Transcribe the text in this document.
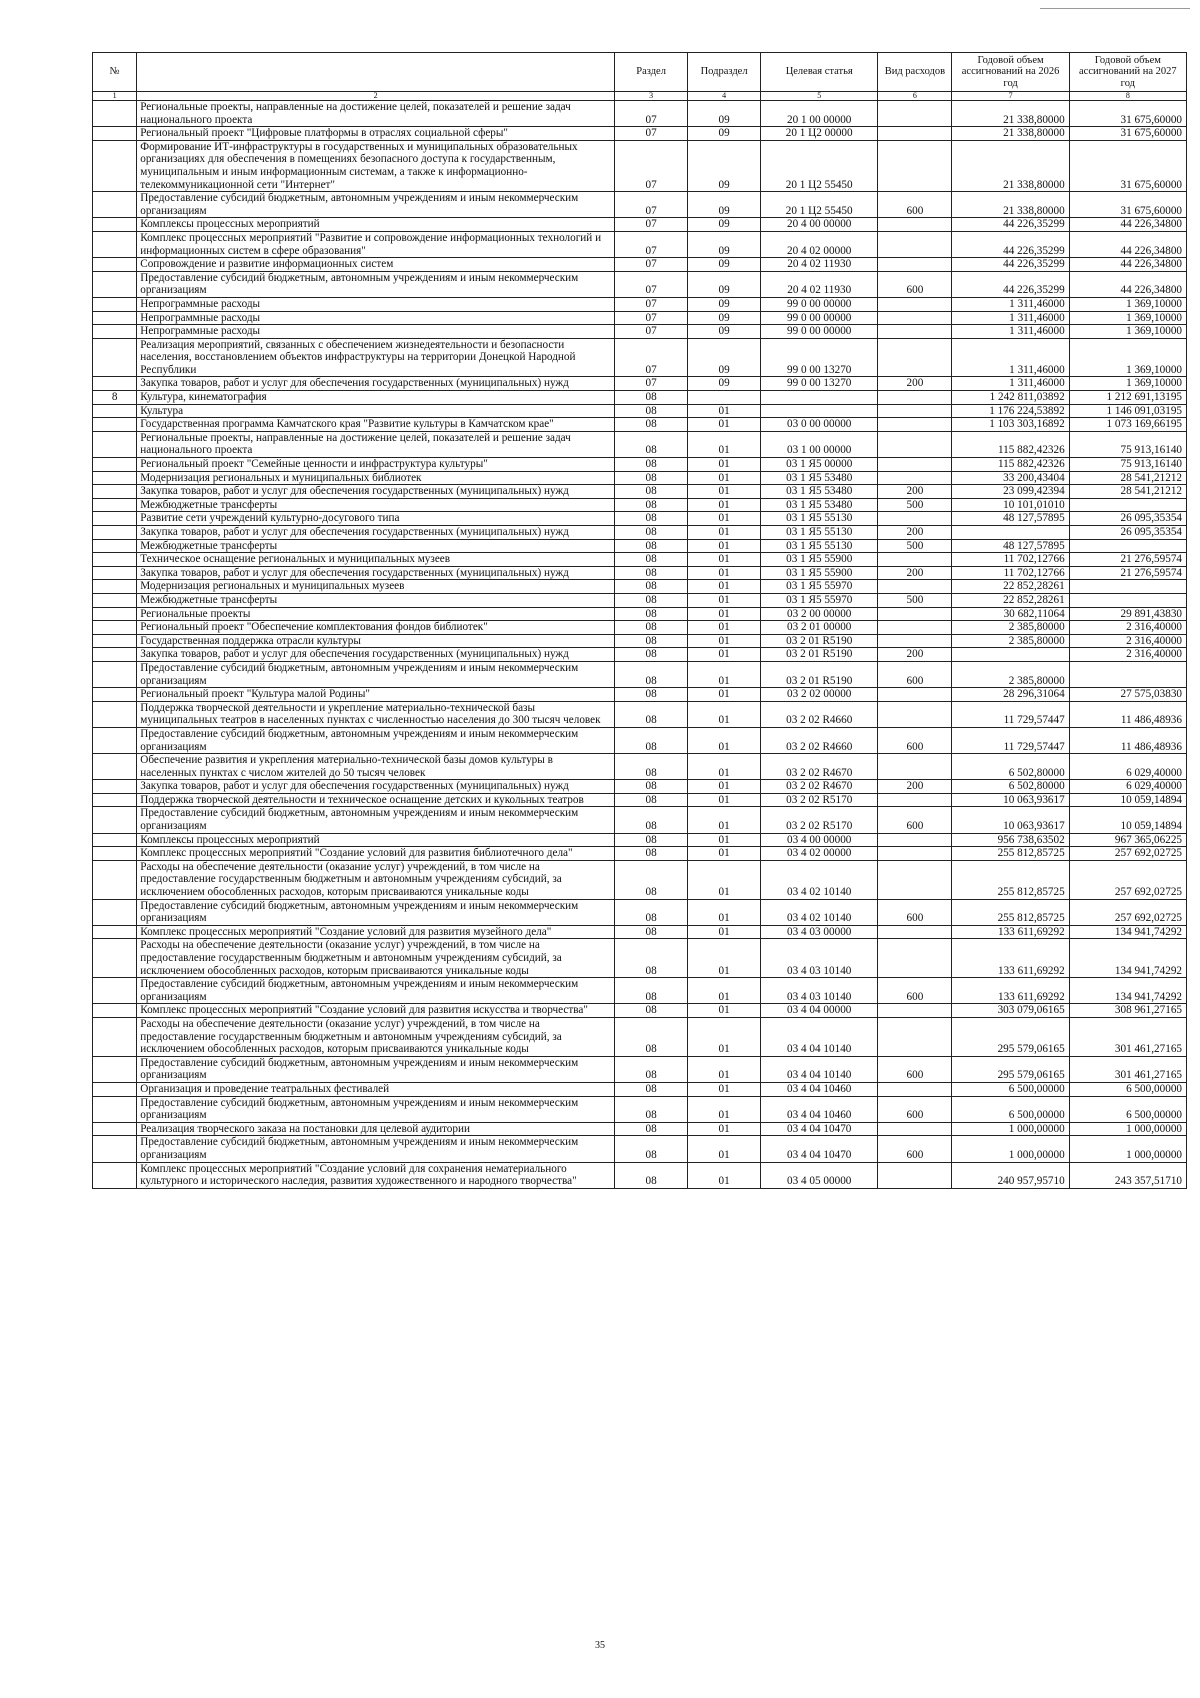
№		Раздел	Подраздел	Целевая статья	Вид расходов	Годовой объем ассигнований на 2026 год	Годовой объем ассигнований на 2027 год
1	2	3	4	5	6	7	8
	Региональные проекты, направленные на достижение целей, показателей и решение задач национального проекта	07	09	20 1 00 00000		21 338,80000	31 675,60000
	Региональный проект "Цифровые платформы в отраслях социальной сферы"	07	09	20 1 Ц2 00000		21 338,80000	31 675,60000
	Формирование ИТ-инфраструктуры в государственных и муниципальных образовательных организациях для обеспечения в помещениях безопасного доступа к государственным, муниципальным и иным информационным системам, а также к информационно-телекоммуникационной сети "Интернет"	07	09	20 1 Ц2 55450		21 338,80000	31 675,60000
	Предоставление субсидий бюджетным, автономным учреждениям и иным некоммерческим организациям	07	09	20 1 Ц2 55450	600	21 338,80000	31 675,60000
	Комплексы процессных мероприятий	07	09	20 4 00 00000		44 226,35299	44 226,34800
	Комплекс процессных мероприятий "Развитие и сопровождение информационных технологий и информационных систем в сфере образования"	07	09	20 4 02 00000		44 226,35299	44 226,34800
	Сопровождение и развитие информационных систем	07	09	20 4 02 11930		44 226,35299	44 226,34800
	Предоставление субсидий бюджетным, автономным учреждениям и иным некоммерческим организациям	07	09	20 4 02 11930	600	44 226,35299	44 226,34800
	Непрограммные расходы	07	09	99 0 00 00000		1 311,46000	1 369,10000
	Непрограммные расходы	07	09	99 0 00 00000		1 311,46000	1 369,10000
	Непрограммные расходы	07	09	99 0 00 00000		1 311,46000	1 369,10000
	Реализация мероприятий, связанных с обеспечением жизнедеятельности и безопасности населения, восстановлением объектов инфраструктуры на территории Донецкой Народной Республики	07	09	99 0 00 13270		1 311,46000	1 369,10000
	Закупка товаров, работ и услуг для обеспечения государственных (муниципальных) нужд	07	09	99 0 00 13270	200	1 311,46000	1 369,10000
8	Культура, кинематография	08				1 242 811,03892	1 212 691,13195
	Культура	08	01			1 176 224,53892	1 146 091,03195
	Государственная программа Камчатского края "Развитие культуры в Камчатском крае"	08	01	03 0 00 00000		1 103 303,16892	1 073 169,66195
	Региональные проекты, направленные на достижение целей, показателей и решение задач национального проекта	08	01	03 1 00 00000		115 882,42326	75 913,16140
	Региональный проект "Семейные ценности и инфраструктура культуры"	08	01	03 1 Я5 00000		115 882,42326	75 913,16140
	Модернизация региональных и муниципальных библиотек	08	01	03 1 Я5 53480		33 200,43404	28 541,21212
	Закупка товаров, работ и услуг для обеспечения государственных (муниципальных) нужд	08	01	03 1 Я5 53480	200	23 099,42394	28 541,21212
	Межбюджетные трансферты	08	01	03 1 Я5 53480	500	10 101,01010	
	Развитие сети учреждений культурно-досугового типа	08	01	03 1 Я5 55130		48 127,57895	26 095,35354
	Закупка товаров, работ и услуг для обеспечения государственных (муниципальных) нужд	08	01	03 1 Я5 55130	200		26 095,35354
	Межбюджетные трансферты	08	01	03 1 Я5 55130	500	48 127,57895	
	Техническое оснащение региональных и муниципальных музеев	08	01	03 1 Я5 55900		11 702,12766	21 276,59574
	Закупка товаров, работ и услуг для обеспечения государственных (муниципальных) нужд	08	01	03 1 Я5 55900	200	11 702,12766	21 276,59574
	Модернизация региональных и муниципальных музеев	08	01	03 1 Я5 55970		22 852,28261	
	Межбюджетные трансферты	08	01	03 1 Я5 55970	500	22 852,28261	
	Региональные проекты	08	01	03 2 00 00000		30 682,11064	29 891,43830
	Региональный проект "Обеспечение комплектования фондов библиотек"	08	01	03 2 01 00000		2 385,80000	2 316,40000
	Государственная поддержка отрасли культуры	08	01	03 2 01 R5190		2 385,80000	2 316,40000
	Закупка товаров, работ и услуг для обеспечения государственных (муниципальных) нужд	08	01	03 2 01 R5190	200		2 316,40000
	Предоставление субсидий бюджетным, автономным учреждениям и иным некоммерческим организациям	08	01	03 2 01 R5190	600	2 385,80000	
	Региональный проект "Культура малой Родины"	08	01	03 2 02 00000		28 296,31064	27 575,03830
	Поддержка творческой деятельности и укрепление материально-технической базы муниципальных театров в населенных пунктах с численностью населения до 300 тысяч человек	08	01	03 2 02 R4660		11 729,57447	11 486,48936
	Предоставление субсидий бюджетным, автономным учреждениям и иным некоммерческим организациям	08	01	03 2 02 R4660	600	11 729,57447	11 486,48936
	Обеспечение развития и укрепления материально-технической базы домов культуры в населенных пунктах с числом жителей до 50 тысяч человек	08	01	03 2 02 R4670		6 502,80000	6 029,40000
	Закупка товаров, работ и услуг для обеспечения государственных (муниципальных) нужд	08	01	03 2 02 R4670	200	6 502,80000	6 029,40000
	Поддержка творческой деятельности и техническое оснащение детских и кукольных театров	08	01	03 2 02 R5170		10 063,93617	10 059,14894
	Предоставление субсидий бюджетным, автономным учреждениям и иным некоммерческим организациям	08	01	03 2 02 R5170	600	10 063,93617	10 059,14894
	Комплексы процессных мероприятий	08	01	03 4 00 00000		956 738,63502	967 365,06225
	Комплекс процессных мероприятий "Создание условий для развития библиотечного дела"	08	01	03 4 02 00000		255 812,85725	257 692,02725
	Расходы на обеспечение деятельности (оказание услуг) учреждений, в том числе на предоставление государственным бюджетным и автономным учреждениям субсидий, за исключением обособленных расходов, которым присваиваются уникальные коды	08	01	03 4 02 10140		255 812,85725	257 692,02725
	Предоставление субсидий бюджетным, автономным учреждениям и иным некоммерческим организациям	08	01	03 4 02 10140	600	255 812,85725	257 692,02725
	Комплекс процессных мероприятий "Создание условий для развития музейного дела"	08	01	03 4 03 00000		133 611,69292	134 941,74292
	Расходы на обеспечение деятельности (оказание услуг) учреждений, в том числе на предоставление государственным бюджетным и автономным учреждениям субсидий, за исключением обособленных расходов, которым присваиваются уникальные коды	08	01	03 4 03 10140		133 611,69292	134 941,74292
	Предоставление субсидий бюджетным, автономным учреждениям и иным некоммерческим организациям	08	01	03 4 03 10140	600	133 611,69292	134 941,74292
	Комплекс процессных мероприятий "Создание условий для развития искусства и творчества"	08	01	03 4 04 00000		303 079,06165	308 961,27165
	Расходы на обеспечение деятельности (оказание услуг) учреждений, в том числе на предоставление государственным бюджетным и автономным учреждениям субсидий, за исключением обособленных расходов, которым присваиваются уникальные коды	08	01	03 4 04 10140		295 579,06165	301 461,27165
	Предоставление субсидий бюджетным, автономным учреждениям и иным некоммерческим организациям	08	01	03 4 04 10140	600	295 579,06165	301 461,27165
	Организация и проведение театральных фестивалей	08	01	03 4 04 10460		6 500,00000	6 500,00000
	Предоставление субсидий бюджетным, автономным учреждениям и иным некоммерческим организациям	08	01	03 4 04 10460	600	6 500,00000	6 500,00000
	Реализация творческого заказа на постановки для целевой аудитории	08	01	03 4 04 10470		1 000,00000	1 000,00000
	Предоставление субсидий бюджетным, автономным учреждениям и иным некоммерческим организациям	08	01	03 4 04 10470	600	1 000,00000	1 000,00000
	Комплекс процессных мероприятий "Создание условий для сохранения нематериального культурного и исторического наследия, развития художественного и народного творчества"	08	01	03 4 05 00000		240 957,95710	243 357,51710
35
